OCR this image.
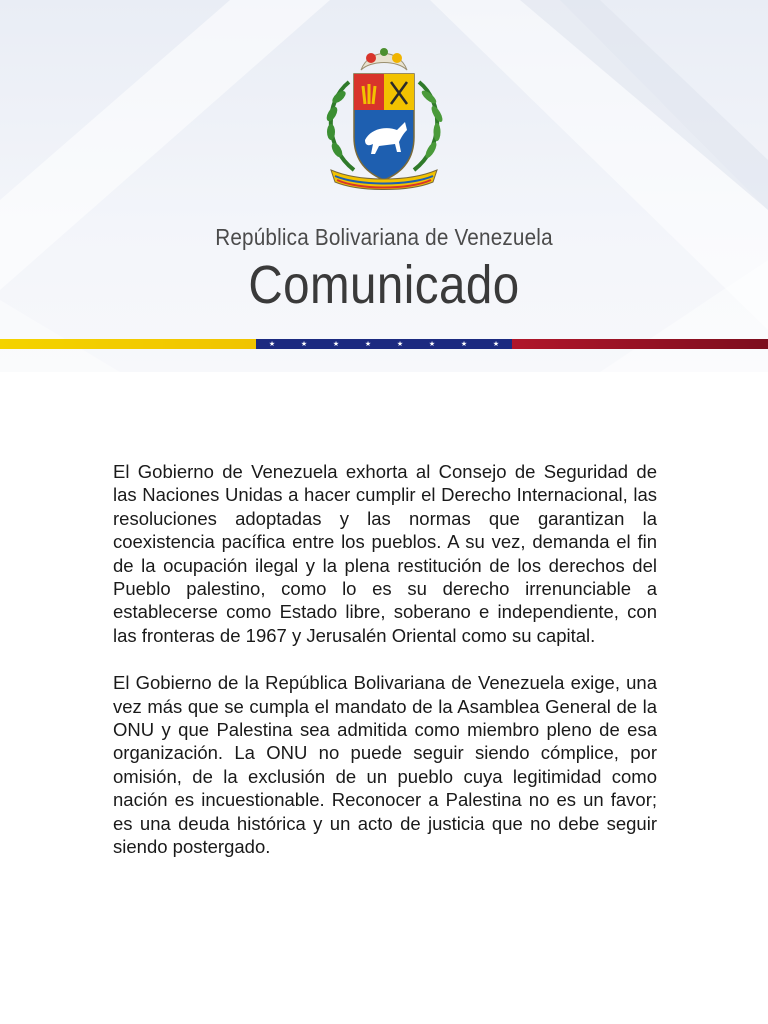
República Bolivariana de Venezuela
Comunicado
★	★	★	★	★	★	★	★

El Gobierno de Venezuela exhorta al Consejo de Seguridad de las Naciones Unidas a hacer cumplir el Derecho Internacional, las resoluciones adoptadas y las normas que garantizan la coexistencia pacífica entre los pueblos. A su vez, demanda el fin de la ocupación ilegal y la plena restitución de los derechos del Pueblo palestino, como lo es su derecho irrenunciable a establecerse como Estado libre, soberano e independiente, con las fronteras de 1967 y Jerusalén Oriental como su capital.

El Gobierno de la República Bolivariana de Venezuela exige, una vez más que se cumpla el mandato de la Asamblea General de la ONU y que Palestina sea admitida como miembro pleno de esa organización. La ONU no puede seguir siendo cómplice, por omisión, de la exclusión de un pueblo cuya legitimidad como nación es incuestionable. Reconocer a Palestina no es un favor; es una deuda histórica y un acto de justicia que no debe seguir siendo postergado.
